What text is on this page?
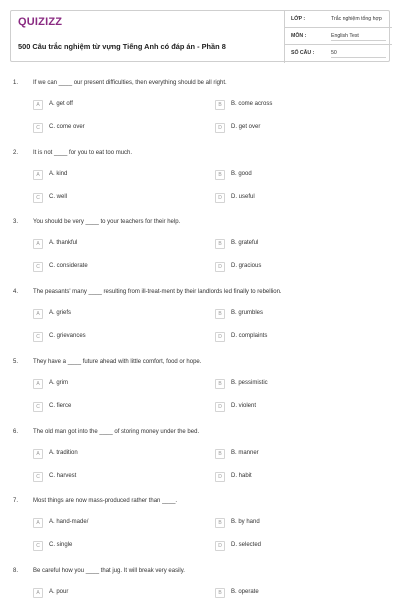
QUIZIZZ
500 Câu trắc nghiệm từ vựng Tiếng Anh có đáp án - Phần 8
LỚP :	Trắc nghiệm tổng hợp
MÔN :	English Test
SỐ CÂU :	50
1. If we can ____ our present difficulties, then everything should be all right.
A	A. get off	B	B. come across
C	C. come over	D	D. get over
2. It is not ____ for you to eat too much.
A	A. kind	B	B. good
C	C. well	D	D. useful
3. You should be very ____ to your teachers for their help.
A	A. thankful	B	B. grateful
C	C. considerate	D	D. gracious
4. The peasants' many ____ resulting from ill-treat-ment by their landlords led finally to rebellion.
A	A. griefs	B	B. grumbles
C	C. grievances	D	D. complaints
5. They have a ____ future ahead with little comfort, food or hope.
A	A. grim	B	B. pessimistic
C	C. fierce	D	D. violent
6. The old man got into the ____ of storing money under the bed.
A	A. tradition	B	B. manner
C	C. harvest	D	D. habit
7. Most things are now mass-produced rather than ____.
A	A. hand-made/	B	B. by hand
C	C. single	D	D. selected
8. Be careful how you ____ that jug. It will break very easily.
A	A. pour	B	B. operate
